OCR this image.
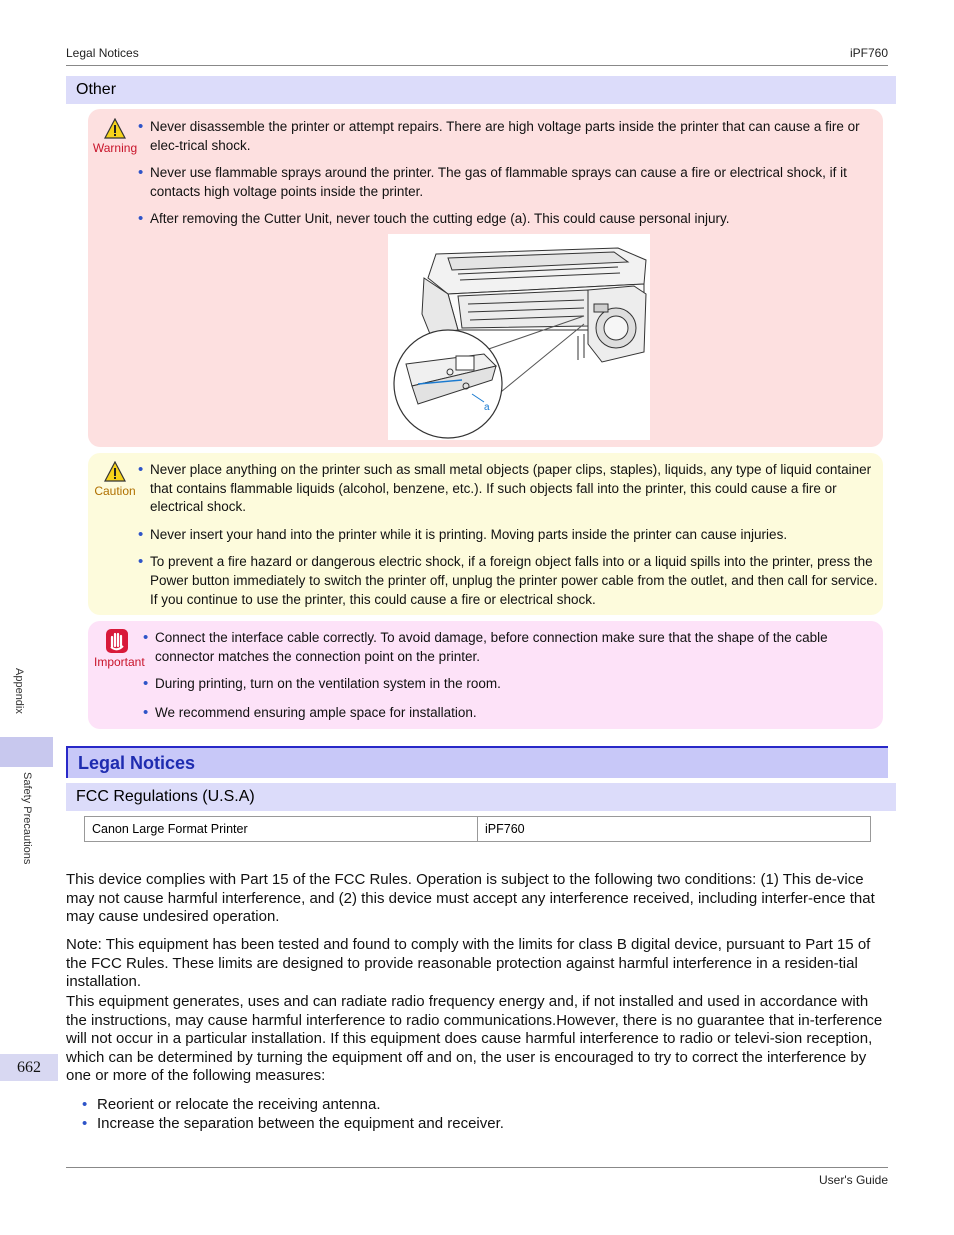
Legal Notices	iPF760
Other
Warning
• Never disassemble the printer or attempt repairs. There are high voltage parts inside the printer that can cause a fire or elec-trical shock.
• Never use flammable sprays around the printer. The gas of flammable sprays can cause a fire or electrical shock, if it contacts high voltage points inside the printer.
• After removing the Cutter Unit, never touch the cutting edge (a). This could cause personal injury.
a
Caution
• Never place anything on the printer such as small metal objects (paper clips, staples), liquids, any type of liquid container that contains flammable liquids (alcohol, benzene, etc.). If such objects fall into the printer, this could cause a fire or electrical shock.
• Never insert your hand into the printer while it is printing. Moving parts inside the printer can cause injuries.
• To prevent a fire hazard or dangerous electric shock, if a foreign object falls into or a liquid spills into the printer, press the Power button immediately to switch the printer off, unplug the printer power cable from the outlet, and then call for service. If you continue to use the printer, this could cause a fire or electrical shock.
Important
• Connect the interface cable correctly. To avoid damage, before connection make sure that the shape of the cable connector matches the connection point on the printer.
• During printing, turn on the ventilation system in the room.
• We recommend ensuring ample space for installation.
Legal Notices
FCC Regulations (U.S.A)
Canon Large Format Printer	iPF760
This device complies with Part 15 of the FCC Rules. Operation is subject to the following two conditions: (1) This de-vice may not cause harmful interference, and (2) this device must accept any interference received, including interfer-ence that may cause undesired operation.
Note: This equipment has been tested and found to comply with the limits for class B digital device, pursuant to Part 15 of the FCC Rules. These limits are designed to provide reasonable protection against harmful interference in a residen-tial installation.
This equipment generates, uses and can radiate radio frequency energy and, if not installed and used in accordance with the instructions, may cause harmful interference to radio communications.However, there is no guarantee that in-terference will not occur in a particular installation. If this equipment does cause harmful interference to radio or televi-sion reception, which can be determined by turning the equipment off and on, the user is encouraged to try to correct the interference by one or more of the following measures:
• Reorient or relocate the receiving antenna.
• Increase the separation between the equipment and receiver.
Appendix
Safety Precautions
662
User's Guide
